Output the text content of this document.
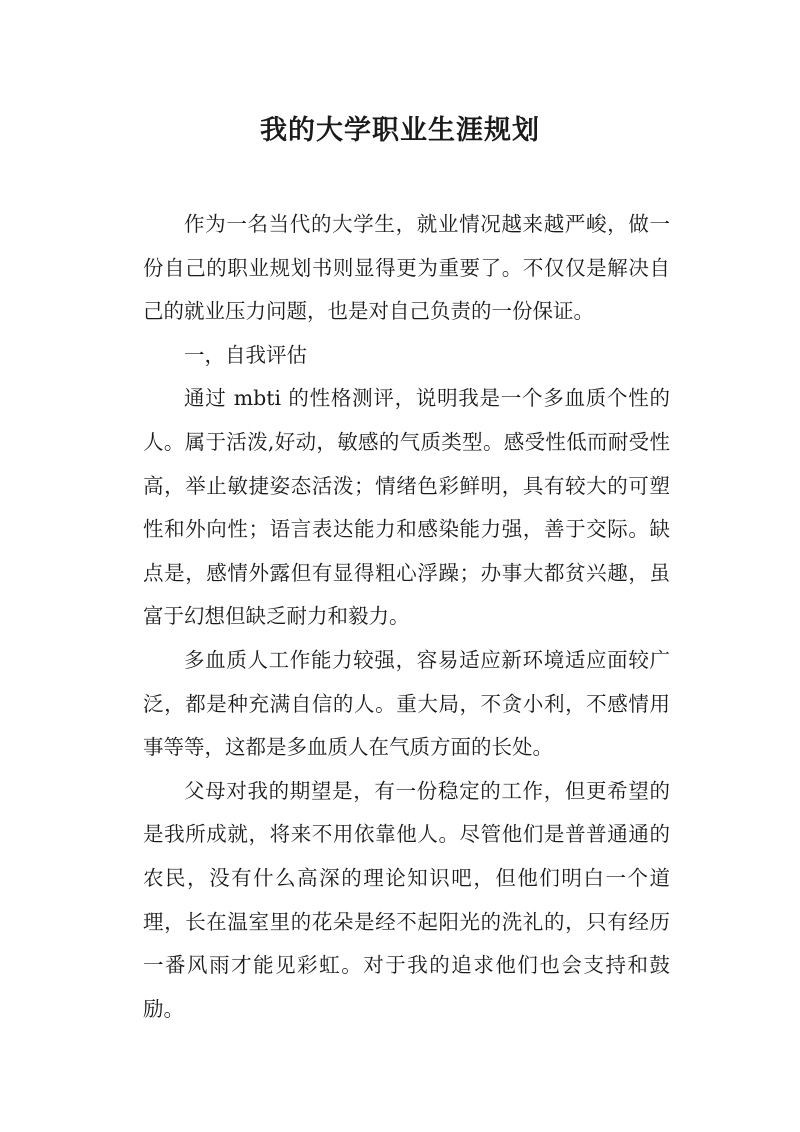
我的大学职业生涯规划

作为一名当代的大学生，就业情况越来越严峻，做一份自己的职业规划书则显得更为重要了。不仅仅是解决自己的就业压力问题，也是对自己负责的一份保证。

一，自我评估

通过 mbti 的性格测评，说明我是一个多血质个性的人。属于活泼,好动，敏感的气质类型。感受性低而耐受性高，举止敏捷姿态活泼；情绪色彩鲜明，具有较大的可塑性和外向性；语言表达能力和感染能力强，善于交际。缺点是，感情外露但有显得粗心浮躁；办事大都贫兴趣，虽富于幻想但缺乏耐力和毅力。

多血质人工作能力较强，容易适应新环境适应面较广泛，都是种充满自信的人。重大局，不贪小利，不感情用事等等，这都是多血质人在气质方面的长处。

父母对我的期望是，有一份稳定的工作，但更希望的是我所成就，将来不用依靠他人。尽管他们是普普通通的农民，没有什么高深的理论知识吧，但他们明白一个道理，长在温室里的花朵是经不起阳光的洗礼的，只有经历一番风雨才能见彩虹。对于我的追求他们也会支持和鼓励。
